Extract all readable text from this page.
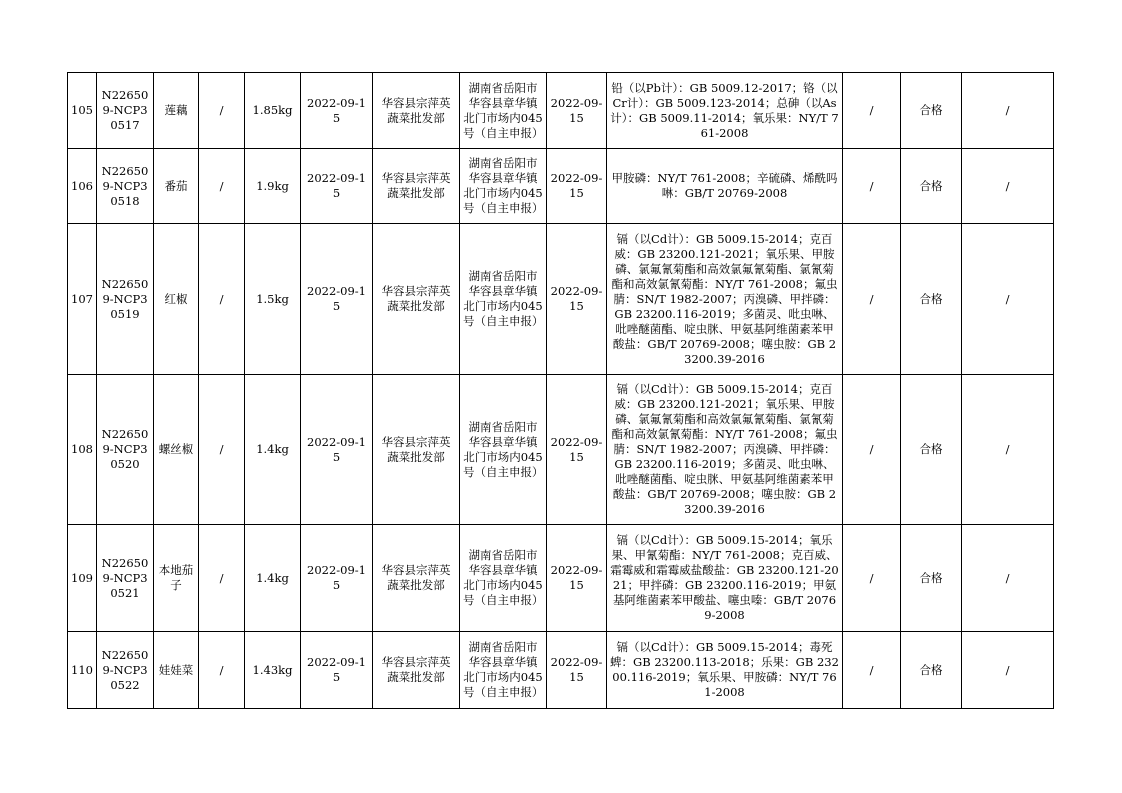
105	N226509-NCP30517	莲藕	/	1.85kg	2022-09-15	华容县宗萍英蔬菜批发部	湖南省岳阳市华容县章华镇北门市场内045号（自主申报）	2022-09-15	铅（以Pb计）：GB 5009.12-2017；铬（以Cr计）：GB 5009.123-2014；总砷（以As计）：GB 5009.11-2014；氧乐果：NY/T 761-2008	/	合格	/
106	N226509-NCP30518	番茄	/	1.9kg	2022-09-15	华容县宗萍英蔬菜批发部	湖南省岳阳市华容县章华镇北门市场内045号（自主申报）	2022-09-15	甲胺磷：NY/T 761-2008；辛硫磷、烯酰吗啉：GB/T 20769-2008	/	合格	/
107	N226509-NCP30519	红椒	/	1.5kg	2022-09-15	华容县宗萍英蔬菜批发部	湖南省岳阳市华容县章华镇北门市场内045号（自主申报）	2022-09-15	镉（以Cd计）：GB 5009.15-2014；克百威：GB 23200.121-2021；氧乐果、甲胺磷、氯氟氰菊酯和高效氯氟氰菊酯、氯氰菊酯和高效氯氰菊酯：NY/T 761-2008；氟虫腈：SN/T 1982-2007；丙溴磷、甲拌磷：GB 23200.116-2019；多菌灵、吡虫啉、吡唑醚菌酯、啶虫脒、甲氨基阿维菌素苯甲酸盐：GB/T 20769-2008；噻虫胺：GB 23200.39-2016	/	合格	/
108	N226509-NCP30520	螺丝椒	/	1.4kg	2022-09-15	华容县宗萍英蔬菜批发部	湖南省岳阳市华容县章华镇北门市场内045号（自主申报）	2022-09-15	镉（以Cd计）：GB 5009.15-2014；克百威：GB 23200.121-2021；氧乐果、甲胺磷、氯氟氰菊酯和高效氯氟氰菊酯、氯氰菊酯和高效氯氰菊酯：NY/T 761-2008；氟虫腈：SN/T 1982-2007；丙溴磷、甲拌磷：GB 23200.116-2019；多菌灵、吡虫啉、吡唑醚菌酯、啶虫脒、甲氨基阿维菌素苯甲酸盐：GB/T 20769-2008；噻虫胺：GB 23200.39-2016	/	合格	/
109	N226509-NCP30521	本地茄子	/	1.4kg	2022-09-15	华容县宗萍英蔬菜批发部	湖南省岳阳市华容县章华镇北门市场内045号（自主申报）	2022-09-15	镉（以Cd计）：GB 5009.15-2014；氧乐果、甲氰菊酯：NY/T 761-2008；克百威、霜霉威和霜霉威盐酸盐：GB 23200.121-2021；甲拌磷：GB 23200.116-2019；甲氨基阿维菌素苯甲酸盐、噻虫嗪：GB/T 20769-2008	/	合格	/
110	N226509-NCP30522	娃娃菜	/	1.43kg	2022-09-15	华容县宗萍英蔬菜批发部	湖南省岳阳市华容县章华镇北门市场内045号（自主申报）	2022-09-15	镉（以Cd计）：GB 5009.15-2014；毒死蜱：GB 23200.113-2018；乐果：GB 23200.116-2019；氧乐果、甲胺磷：NY/T 761-2008	/	合格	/
